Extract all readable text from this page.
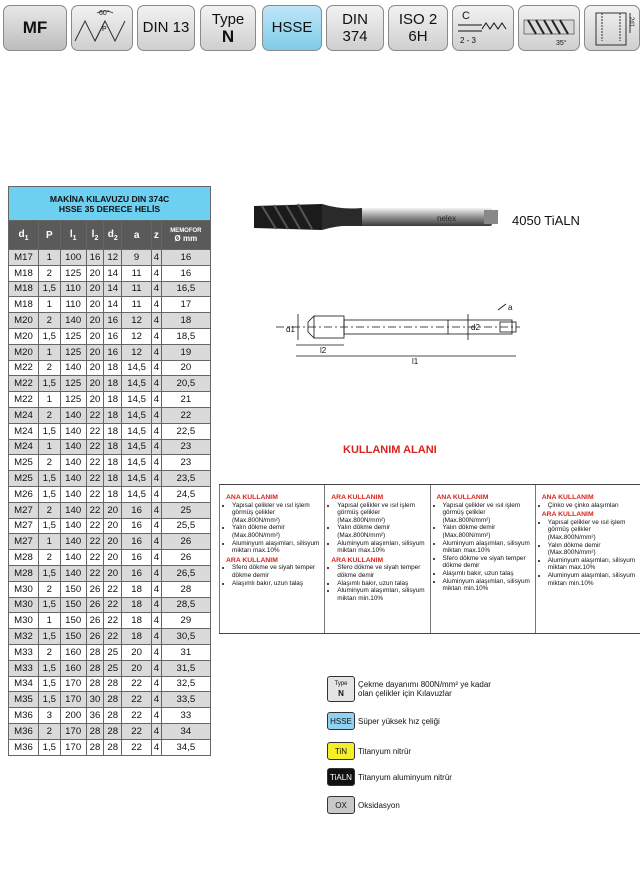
MF
60°
P DIN 13 Type
N	HSSE DIN
374
ISO 2
6H
C
2 - 3	35°
2d1
MAKİNA KILAVUZU DIN 374C
HSSE 35 DERECE HELİS							

$d_1$	P	$l_1$	$l_2$	$d_2$	a	z	MEMOFOR
Ø mm

M17	1	100	16	12	9	4	16
M18	2	125	20	14	11	4	16
M18	1,5	110	20	14	11	4	16,5
M18	1	110	20	14	11	4	17
M20	2	140	20	16	12	4	18
M20	1,5	125	20	16	12	4	18,5
M20	1	125	20	16	12	4	19
M22	2	140	20	18	14,5	4	20
M22	1,5	125	20	18	14,5	4	20,5
M22	1	125	20	18	14,5	4	21
M24	2	140	22	18	14,5	4	22
M24	1,5	140	22	18	14,5	4	22,5
M24	1	140	22	18	14,5	4	23
M25	2	140	22	18	14,5	4	23
M25	1,5	140	22	18	14,5	4	23,5
M26	1,5	140	22	18	14,5	4	24,5
M27	2	140	22	20	16	4	25
M27	1,5	140	22	20	16	4	25,5
M27	1	140	22	20	16	4	26
M28	2	140	22	20	16	4	26
M28	1,5	140	22	20	16	4	26,5
M30	2	150	26	22	18	4	28
M30	1,5	150	26	22	18	4	28,5
M30	1	150	26	22	18	4	29
M32	1,5	150	26	22	18	4	30,5
M33	2	160	28	25	20	4	31
M33	1,5	160	28	25	20	4	31,5
M34	1,5	170	28	28	22	4	32,5
M35	1,5	170	30	28	22	4	33,5
M36	3	200	36	28	22	4	33
M36	2	170	28	28	22	4	34
M36	1,5	170	28	28	22	4	34,5
nelex	4050 TiALN
d1	d2
l2
l1
a
KULLANIM ALANI
ANA KULLANIM
• Yapısal çelikler ve ısıl işlem görmüş çelikler (Max.800N/mm²)
• Yalın dökme demir (Max.800N/mm²)
• Aluminyum alaşımları, silisyum miktarı max.10%
ARA KULLANIM
• Sfero dökme ve siyah temper dökme demir
• Alaşımlı bakır, uzun talaş
ARA KULLANIM
• Yapısal çelikler ve ısıl işlem görmüş çelikler (Max.800N/mm²)
• Yalın dökme demir (Max.800N/mm²)
• Aluminyum alaşımları, silisyum miktarı max.10%
ARA KULLANIM
• Sfero dökme ve siyah temper dökme demir
• Alaşımlı bakır, uzun talaş
• Aluminyum alaşımları, silisyum miktarı min.10%
ANA KULLANIM
• Yapısal çelikler ve ısıl işlem görmüş çelikler (Max.800N/mm²)
• Yalın dökme demir (Max.800N/mm²)
• Aluminyum alaşımları, silisyum miktarı max.10%
• Sfero dökme ve siyah temper dökme demir
• Alaşımlı bakır, uzun talaş
• Aluminyum alaşımları, silisyum miktarı min.10%
ANA KULLANIM
• Çinko ve çinko alaşımları
ARA KULLANIM
• Yapısal çelikler ve ısıl işlem görmüş çelikler (Max.800N/mm²)
• Yalın dökme demir (Max.800N/mm²)
• Aluminyum alaşımları, silisyum miktarı max.10%
• Aluminyum alaşımları, silisyum miktarı min.10%
Type
N
Çekme dayanımı 800N/mm² ye kadar olan çelikler için Kılavuzlar
HSSE Süper yüksek hız çeliği
TiN Titanyum nitrür
TiALN Titanyum aluminyum nitrür
OX Oksidasyon
